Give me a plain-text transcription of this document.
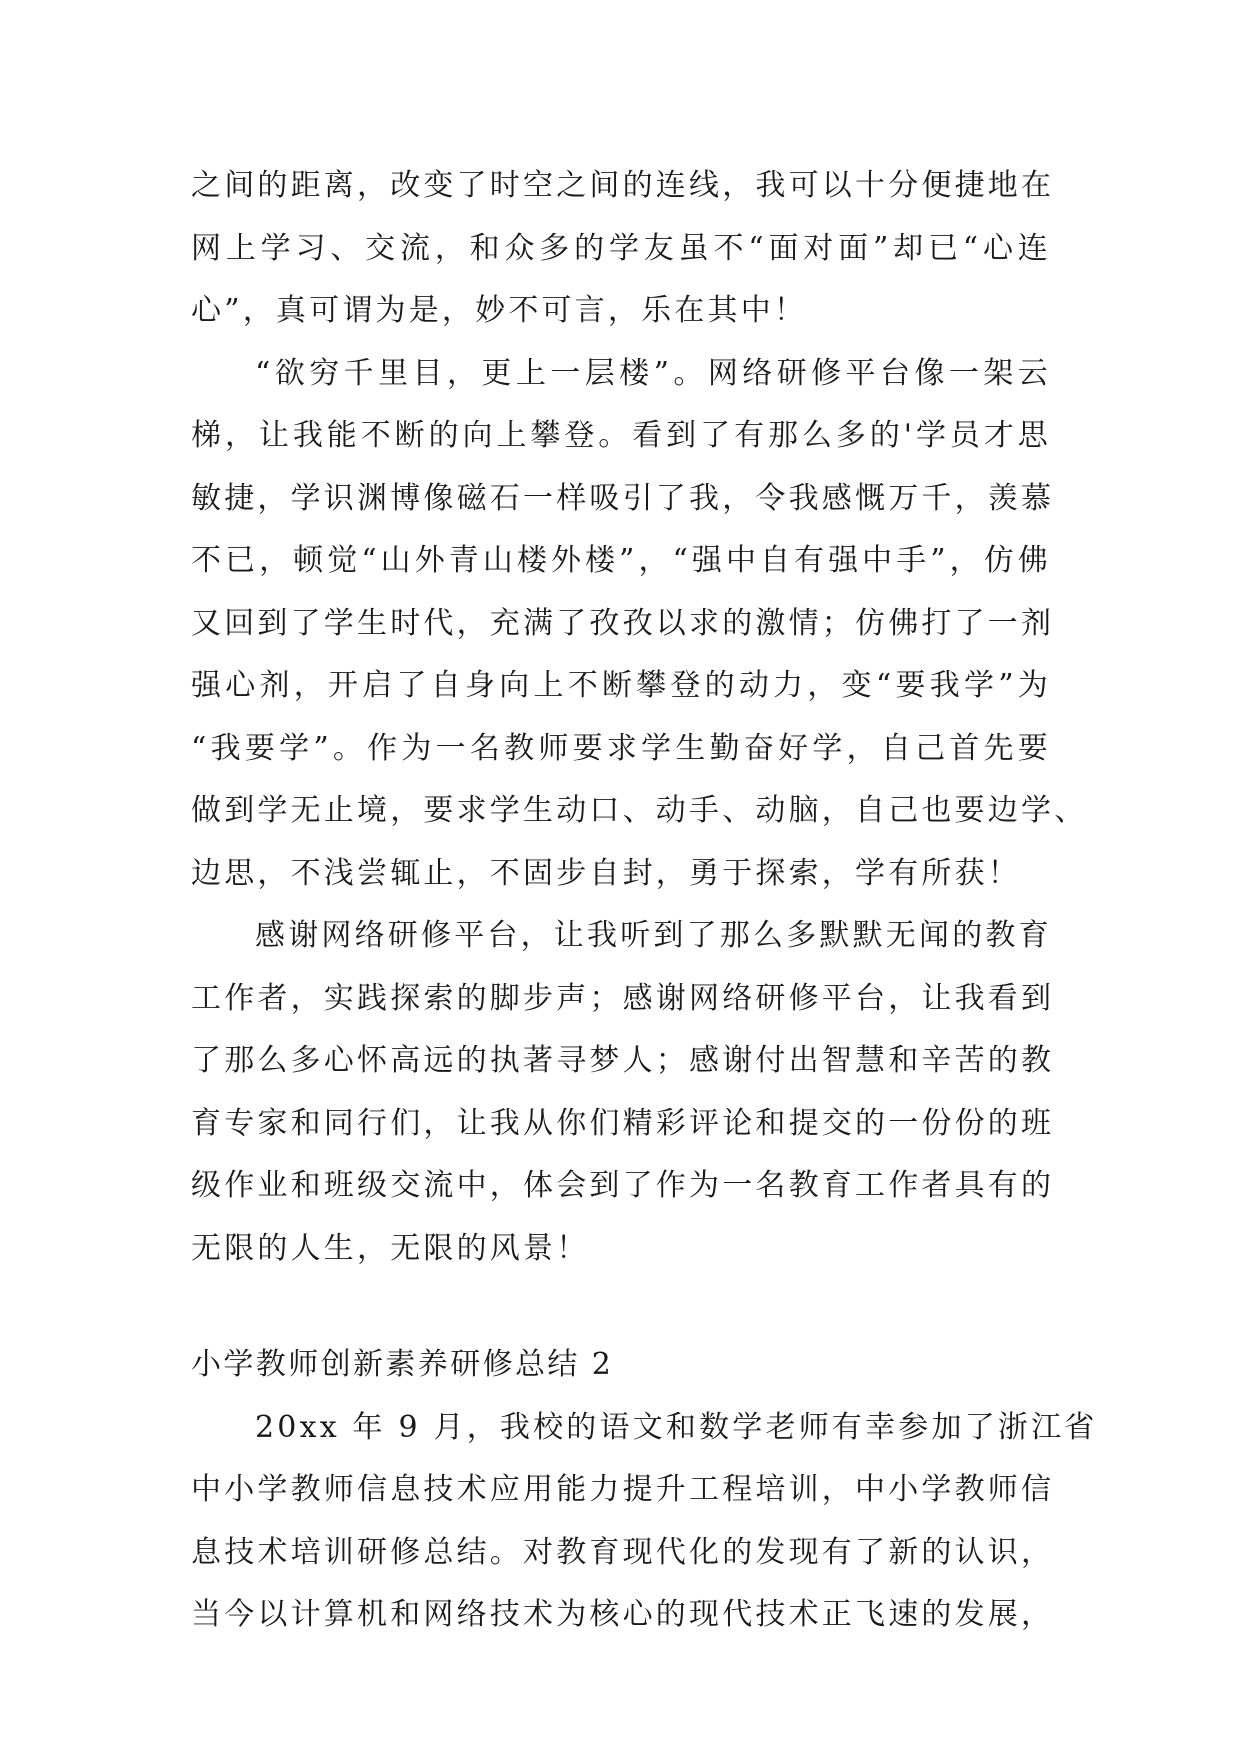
之间的距离，改变了时空之间的连线，我可以十分便捷地在
网上学习、交流，和众多的学友虽不“面对面”却已“心连
心”，真可谓为是，妙不可言，乐在其中！
“欲穷千里目，更上一层楼”。网络研修平台像一架云
梯，让我能不断的向上攀登。看到了有那么多的'学员才思
敏捷，学识渊博像磁石一样吸引了我，令我感慨万千，羡慕
不已，顿觉“山外青山楼外楼”，“强中自有强中手”，仿佛
又回到了学生时代，充满了孜孜以求的激情；仿佛打了一剂
强心剂，开启了自身向上不断攀登的动力，变“要我学”为
“我要学”。作为一名教师要求学生勤奋好学，自己首先要
做到学无止境，要求学生动口、动手、动脑，自己也要边学、
边思，不浅尝辄止，不固步自封，勇于探索，学有所获！
感谢网络研修平台，让我听到了那么多默默无闻的教育
工作者，实践探索的脚步声；感谢网络研修平台，让我看到
了那么多心怀高远的执著寻梦人；感谢付出智慧和辛苦的教
育专家和同行们，让我从你们精彩评论和提交的一份份的班
级作业和班级交流中，体会到了作为一名教育工作者具有的
无限的人生，无限的风景！
小学教师创新素养研修总结 2
20xx 年 9 月，我校的语文和数学老师有幸参加了浙江省
中小学教师信息技术应用能力提升工程培训，中小学教师信
息技术培训研修总结。对教育现代化的发现有了新的认识，
当今以计算机和网络技术为核心的现代技术正飞速的发展，
